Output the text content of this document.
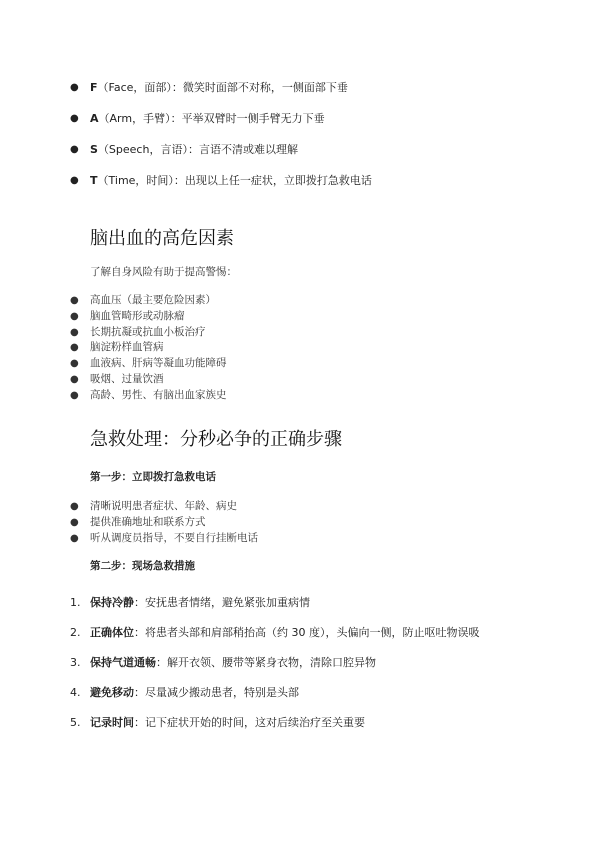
● F（Face，面部）：微笑时面部不对称，一侧面部下垂
● A（Arm，手臂）：平举双臂时一侧手臂无力下垂
● S（Speech，言语）：言语不清或难以理解
● T（Time，时间）：出现以上任一症状，立即拨打急救电话
脑出血的高危因素

了解自身风险有助于提高警惕：

● 高血压（最主要危险因素）
● 脑血管畸形或动脉瘤
● 长期抗凝或抗血小板治疗
● 脑淀粉样血管病
● 血液病、肝病等凝血功能障碍
● 吸烟、过量饮酒
● 高龄、男性、有脑出血家族史
急救处理：分秒必争的正确步骤

第一步：立即拨打急救电话

● 清晰说明患者症状、年龄、病史
● 提供准确地址和联系方式
● 听从调度员指导，不要自行挂断电话

第二步：现场急救措施

1. 保持冷静：安抚患者情绪，避免紧张加重病情
2. 正确体位：将患者头部和肩部稍抬高（约 30 度），头偏向一侧，防止呕吐物误吸
3. 保持气道通畅：解开衣领、腰带等紧身衣物，清除口腔异物
4. 避免移动：尽量减少搬动患者，特别是头部
5. 记录时间：记下症状开始的时间，这对后续治疗至关重要
